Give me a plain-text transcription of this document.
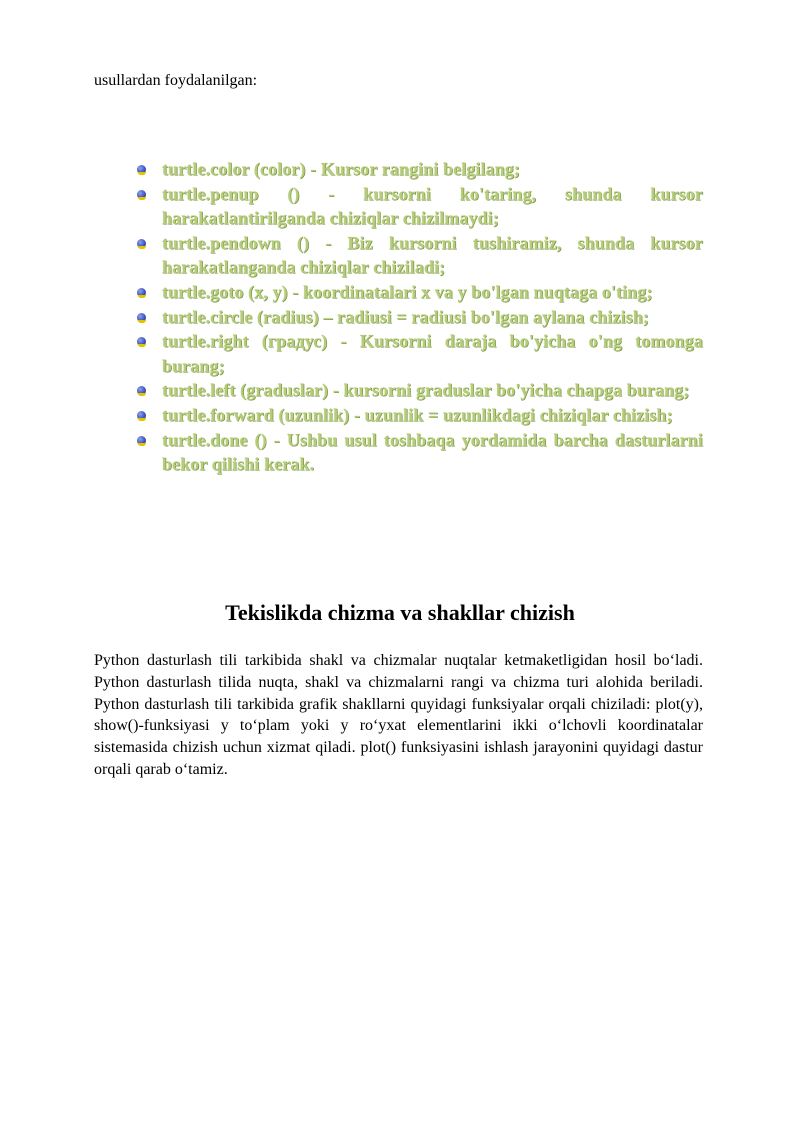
usullardan foydalanilgan:

turtle.color (color) - Kursor rangini belgilang;
turtle.penup () - kursorni ko'taring, shunda kursor harakatlantirilganda chiziqlar chizilmaydi;
turtle.pendown () - Biz kursorni tushiramiz, shunda kursor harakatlanganda chiziqlar chiziladi;
turtle.goto (x, y) - koordinatalari x va y bo'lgan nuqtaga o'ting;
turtle.circle (radius) – radiusi = radiusi bo'lgan aylana chizish;
turtle.right (градус) - Kursorni daraja bo'yicha o'ng tomonga burang;
turtle.left (graduslar) - kursorni graduslar bo'yicha chapga burang;
turtle.forward (uzunlik) - uzunlik = uzunlikdagi chiziqlar chizish;
turtle.done () - Ushbu usul toshbaqa yordamida barcha dasturlarni bekor qilishi kerak.
Tekislikda chizma va shakllar chizish

Python dasturlash tili tarkibida shakl va chizmalar nuqtalar ketmaketligidan hosil bo‘ladi. Python dasturlash tilida nuqta, shakl va chizmalarni rangi va chizma turi alohida beriladi. Python dasturlash tili tarkibida grafik shakllarni quyidagi funksiyalar orqali chiziladi: plot(y), show()-funksiyasi y to‘plam yoki y ro‘yxat elementlarini ikki o‘lchovli koordinatalar sistemasida chizish uchun xizmat qiladi. plot() funksiyasini ishlash jarayonini quyidagi dastur orqali qarab o‘tamiz.
